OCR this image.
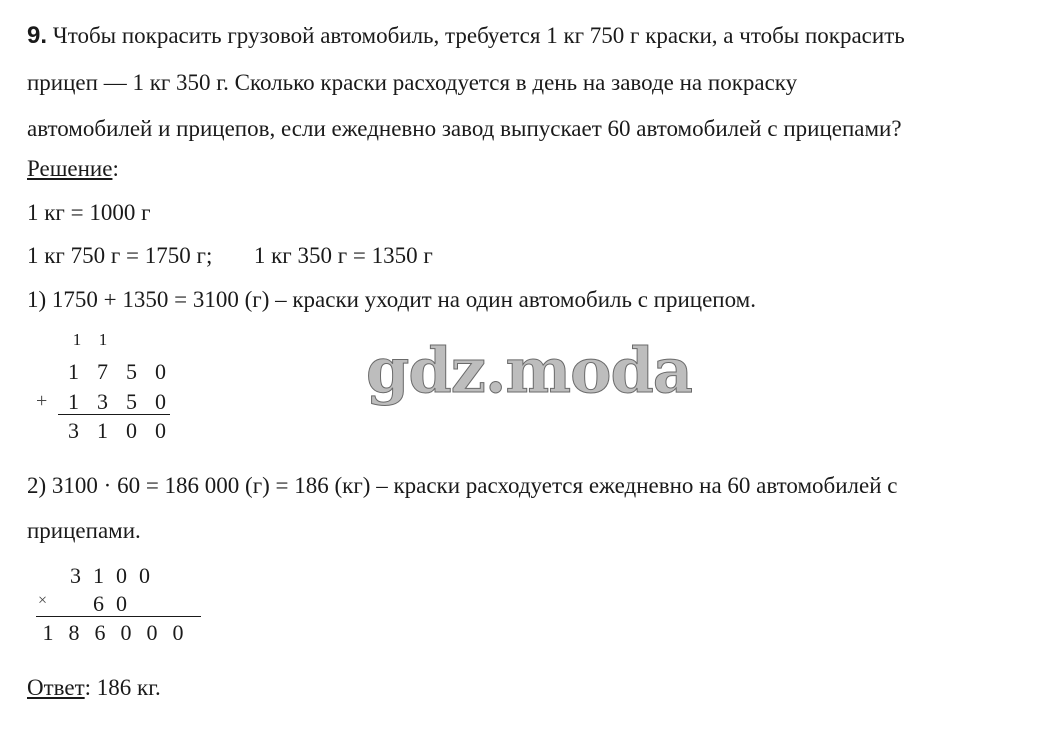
9. Чтобы покрасить грузовой автомобиль, требуется 1 кг 750 г краски, а чтобы покрасить
прицеп — 1 кг 350 г. Сколько краски расходуется в день на заводе на покраску
автомобилей и прицепов, если ежедневно завод выпускает 60 автомобилей с прицепами?
Решение:
1 кг = 1000 г
1 кг 750 г = 1750 г; 1 кг 350 г = 1350 г
1) 1750 + 1350 = 3100 (г) – краски уходит на один автомобиль с прицепом.
1 1
1 7 5 0
+ 1 3 5 0
3 1 0 0
gdz.moda
2) 3100 · 60 = 186 000 (г) = 186 (кг) – краски расходуется ежедневно на 60 автомобилей с
прицепами.
3 1 0 0
× 6 0
1 8 6 0 0 0
Ответ: 186 кг.
